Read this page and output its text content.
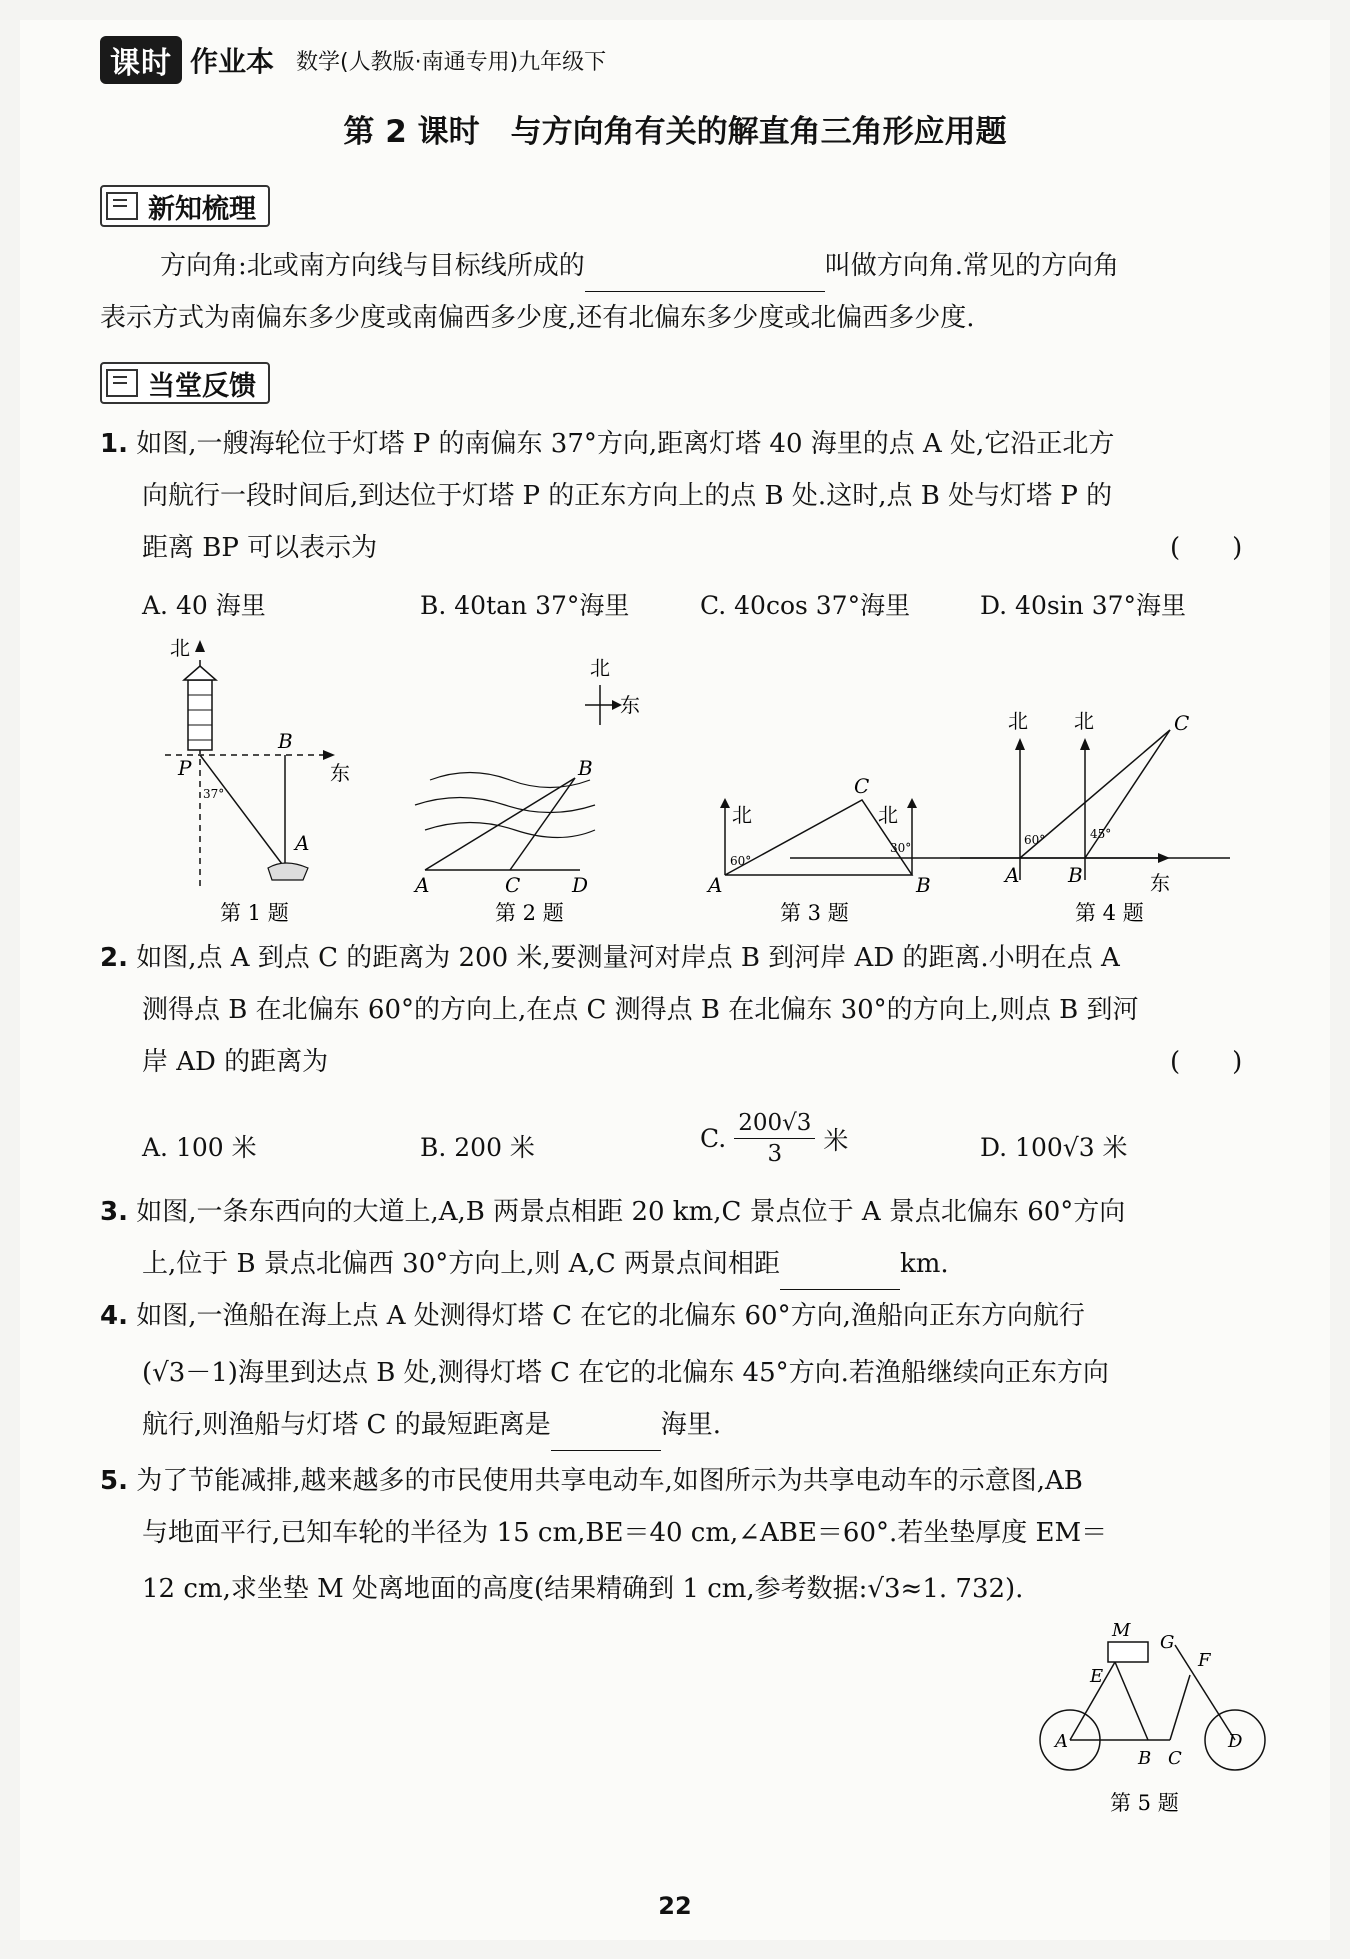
课时 作业本 数学(人教版·南通专用)九年级下
第 2 课时　与方向角有关的解直角三角形应用题
新知梳理
方向角:北或南方向线与目标线所成的	叫做方向角.常见的方向角
表示方式为南偏东多少度或南偏西多少度,还有北偏东多少度或北偏西多少度.
当堂反馈
1. 如图,一艘海轮位于灯塔 P 的南偏东 37°方向,距离灯塔 40 海里的点 A 处,它沿正北方
向航行一段时间后,到达位于灯塔 P 的正东方向上的点 B 处.这时,点 B 处与灯塔 P 的
距离 BP 可以表示为	(　　)
A. 40 海里	B. 40tan 37°海里	C. 40cos 37°海里	D. 40sin 37°海里
北
东
P
B
A
37°
第 1 题
北
东
A	C	D
B
第 2 题
北	北
A	B
C
60°
30°
第 3 题
东
北 北
A B
C
60°	45°
第 4 题
2. 如图,点 A 到点 C 的距离为 200 米,要测量河对岸点 B 到河岸 AD 的距离.小明在点 A
测得点 B 在北偏东 60°的方向上,在点 C 测得点 B 在北偏东 30°的方向上,则点 B 到河
岸 AD 的距离为	(　　)
A. 100 米	B. 200 米	C. $\frac{200√3}{3}$ 米	D. 100√3 米
3. 如图,一条东西向的大道上,A,B 两景点相距 20 km,C 景点位于 A 景点北偏东 60°方向
上,位于 B 景点北偏西 30°方向上,则 A,C 两景点间相距	km.
4. 如图,一渔船在海上点 A 处测得灯塔 C 在它的北偏东 60°方向,渔船向正东方向航行
(√3－1)海里到达点 B 处,测得灯塔 C 在它的北偏东 45°方向.若渔船继续向正东方向
航行,则渔船与灯塔 C 的最短距离是	海里.
5. 为了节能减排,越来越多的市民使用共享电动车,如图所示为共享电动车的示意图,AB
与地面平行,已知车轮的半径为 15 cm,BE＝40 cm,∠ABE＝60°.若坐垫厚度 EM＝
12 cm,求坐垫 M 处离地面的高度(结果精确到 1 cm,参考数据:√3≈1. 732).
M
E
A
B C
D
G
F
第 5 题
22
